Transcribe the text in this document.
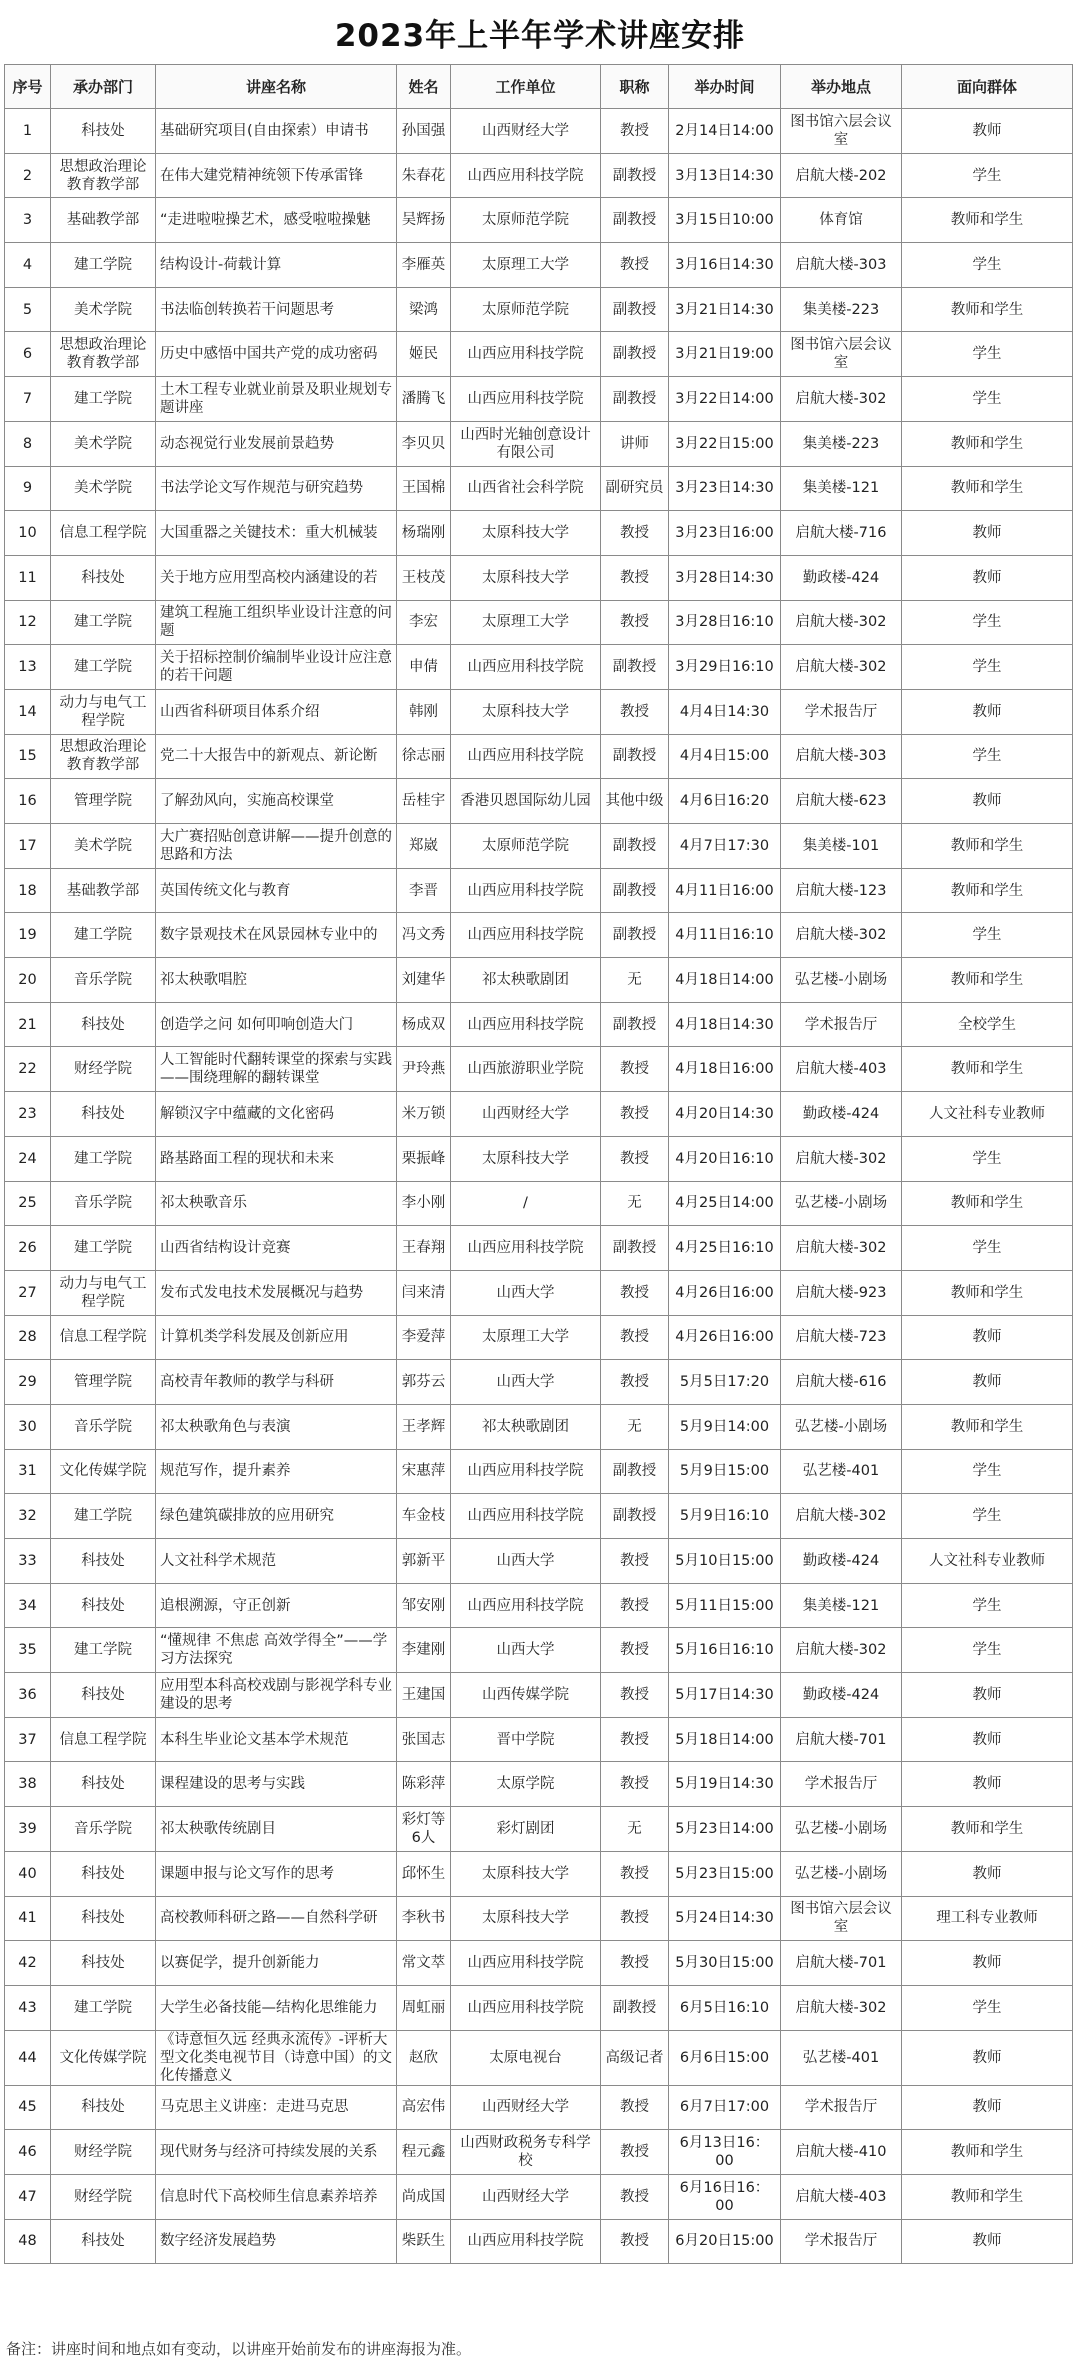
2023年上半年学术讲座安排
序号	承办部门	讲座名称	姓名	工作单位	职称	举办时间	举办地点	面向群体
1	科技处	基础研究项目(自由探索）申请书	孙国强	山西财经大学	教授	2月14日14:00	图书馆六层会议室	教师
2	思想政治理论教育教学部	在伟大建党精神统领下传承雷锋	朱春花	山西应用科技学院	副教授	3月13日14:30	启航大楼-202	学生
3	基础教学部	“走进啦啦操艺术，感受啦啦操魅	吴辉扬	太原师范学院	副教授	3月15日10:00	体育馆	教师和学生
4	建工学院	结构设计-荷载计算	李雁英	太原理工大学	教授	3月16日14:30	启航大楼-303	学生
5	美术学院	书法临创转换若干问题思考	梁鸿	太原师范学院	副教授	3月21日14:30	集美楼-223	教师和学生
6	思想政治理论教育教学部	历史中感悟中国共产党的成功密码	姬民	山西应用科技学院	副教授	3月21日19:00	图书馆六层会议室	学生
7	建工学院	土木工程专业就业前景及职业规划专题讲座	潘腾飞	山西应用科技学院	副教授	3月22日14:00	启航大楼-302	学生
8	美术学院	动态视觉行业发展前景趋势	李贝贝	山西时光轴创意设计有限公司	讲师	3月22日15:00	集美楼-223	教师和学生
9	美术学院	书法学论文写作规范与研究趋势	王国棉	山西省社会科学院	副研究员	3月23日14:30	集美楼-121	教师和学生
10	信息工程学院	大国重器之关键技术：重大机械装	杨瑞刚	太原科技大学	教授	3月23日16:00	启航大楼-716	教师
11	科技处	关于地方应用型高校内涵建设的若	王枝茂	太原科技大学	教授	3月28日14:30	勤政楼-424	教师
12	建工学院	建筑工程施工组织毕业设计注意的问题	李宏	太原理工大学	教授	3月28日16:10	启航大楼-302	学生
13	建工学院	关于招标控制价编制毕业设计应注意的若干问题	申倩	山西应用科技学院	副教授	3月29日16:10	启航大楼-302	学生
14	动力与电气工程学院	山西省科研项目体系介绍	韩刚	太原科技大学	教授	4月4日14:30	学术报告厅	教师
15	思想政治理论教育教学部	党二十大报告中的新观点、新论断	徐志丽	山西应用科技学院	副教授	4月4日15:00	启航大楼-303	学生
16	管理学院	了解劲风向，实施高校课堂	岳桂宇	香港贝恩国际幼儿园	其他中级	4月6日16:20	启航大楼-623	教师
17	美术学院	大广赛招贴创意讲解——提升创意的思路和方法	郑崴	太原师范学院	副教授	4月7日17:30	集美楼-101	教师和学生
18	基础教学部	英国传统文化与教育	李晋	山西应用科技学院	副教授	4月11日16:00	启航大楼-123	教师和学生
19	建工学院	数字景观技术在风景园林专业中的	冯文秀	山西应用科技学院	副教授	4月11日16:10	启航大楼-302	学生
20	音乐学院	祁太秧歌唱腔	刘建华	祁太秧歌剧团	无	4月18日14:00	弘艺楼-小剧场	教师和学生
21	科技处	创造学之问 如何叩响创造大门	杨成双	山西应用科技学院	副教授	4月18日14:30	学术报告厅	全校学生
22	财经学院	人工智能时代翻转课堂的探索与实践——围绕理解的翻转课堂	尹玲燕	山西旅游职业学院	教授	4月18日16:00	启航大楼-403	教师和学生
23	科技处	解锁汉字中蕴藏的文化密码	米万锁	山西财经大学	教授	4月20日14:30	勤政楼-424	人文社科专业教师
24	建工学院	路基路面工程的现状和未来	栗振峰	太原科技大学	教授	4月20日16:10	启航大楼-302	学生
25	音乐学院	祁太秧歌音乐	李小刚	/	无	4月25日14:00	弘艺楼-小剧场	教师和学生
26	建工学院	山西省结构设计竞赛	王春翔	山西应用科技学院	副教授	4月25日16:10	启航大楼-302	学生
27	动力与电气工程学院	发布式发电技术发展概况与趋势	闫来清	山西大学	教授	4月26日16:00	启航大楼-923	教师和学生
28	信息工程学院	计算机类学科发展及创新应用	李爱萍	太原理工大学	教授	4月26日16:00	启航大楼-723	教师
29	管理学院	高校青年教师的教学与科研	郭芬云	山西大学	教授	5月5日17:20	启航大楼-616	教师
30	音乐学院	祁太秧歌角色与表演	王孝辉	祁太秧歌剧团	无	5月9日14:00	弘艺楼-小剧场	教师和学生
31	文化传媒学院	规范写作，提升素养	宋惠萍	山西应用科技学院	副教授	5月9日15:00	弘艺楼-401	学生
32	建工学院	绿色建筑碳排放的应用研究	车金枝	山西应用科技学院	副教授	5月9日16:10	启航大楼-302	学生
33	科技处	人文社科学术规范	郭新平	山西大学	教授	5月10日15:00	勤政楼-424	人文社科专业教师
34	科技处	追根溯源，守正创新	邹安刚	山西应用科技学院	教授	5月11日15:00	集美楼-121	学生
35	建工学院	“懂规律 不焦虑 高效学得全”——学习方法探究	李建刚	山西大学	教授	5月16日16:10	启航大楼-302	学生
36	科技处	应用型本科高校戏剧与影视学科专业建设的思考	王建国	山西传媒学院	教授	5月17日14:30	勤政楼-424	教师
37	信息工程学院	本科生毕业论文基本学术规范	张国志	晋中学院	教授	5月18日14:00	启航大楼-701	教师
38	科技处	课程建设的思考与实践	陈彩萍	太原学院	教授	5月19日14:30	学术报告厅	教师
39	音乐学院	祁太秧歌传统剧目	彩灯等6人	彩灯剧团	无	5月23日14:00	弘艺楼-小剧场	教师和学生
40	科技处	课题申报与论文写作的思考	邱怀生	太原科技大学	教授	5月23日15:00	弘艺楼-小剧场	教师
41	科技处	高校教师科研之路——自然科学研	李秋书	太原科技大学	教授	5月24日14:30	图书馆六层会议室	理工科专业教师
42	科技处	以赛促学，提升创新能力	常文萃	山西应用科技学院	教授	5月30日15:00	启航大楼-701	教师
43	建工学院	大学生必备技能—结构化思维能力	周虹丽	山西应用科技学院	副教授	6月5日16:10	启航大楼-302	学生
44	文化传媒学院	《诗意恒久远 经典永流传》-评析大型文化类电视节目（诗意中国）的文化传播意义	赵欣	太原电视台	高级记者	6月6日15:00	弘艺楼-401	教师
45	科技处	马克思主义讲座：走进马克思	高宏伟	山西财经大学	教授	6月7日17:00	学术报告厅	教师
46	财经学院	现代财务与经济可持续发展的关系	程元鑫	山西财政税务专科学校	教授	6月13日16：00	启航大楼-410	教师和学生
47	财经学院	信息时代下高校师生信息素养培养	尚成国	山西财经大学	教授	6月16日16：00	启航大楼-403	教师和学生
48	科技处	数字经济发展趋势	柴跃生	山西应用科技学院	教授	6月20日15:00	学术报告厅	教师
备注：讲座时间和地点如有变动，以讲座开始前发布的讲座海报为准。
